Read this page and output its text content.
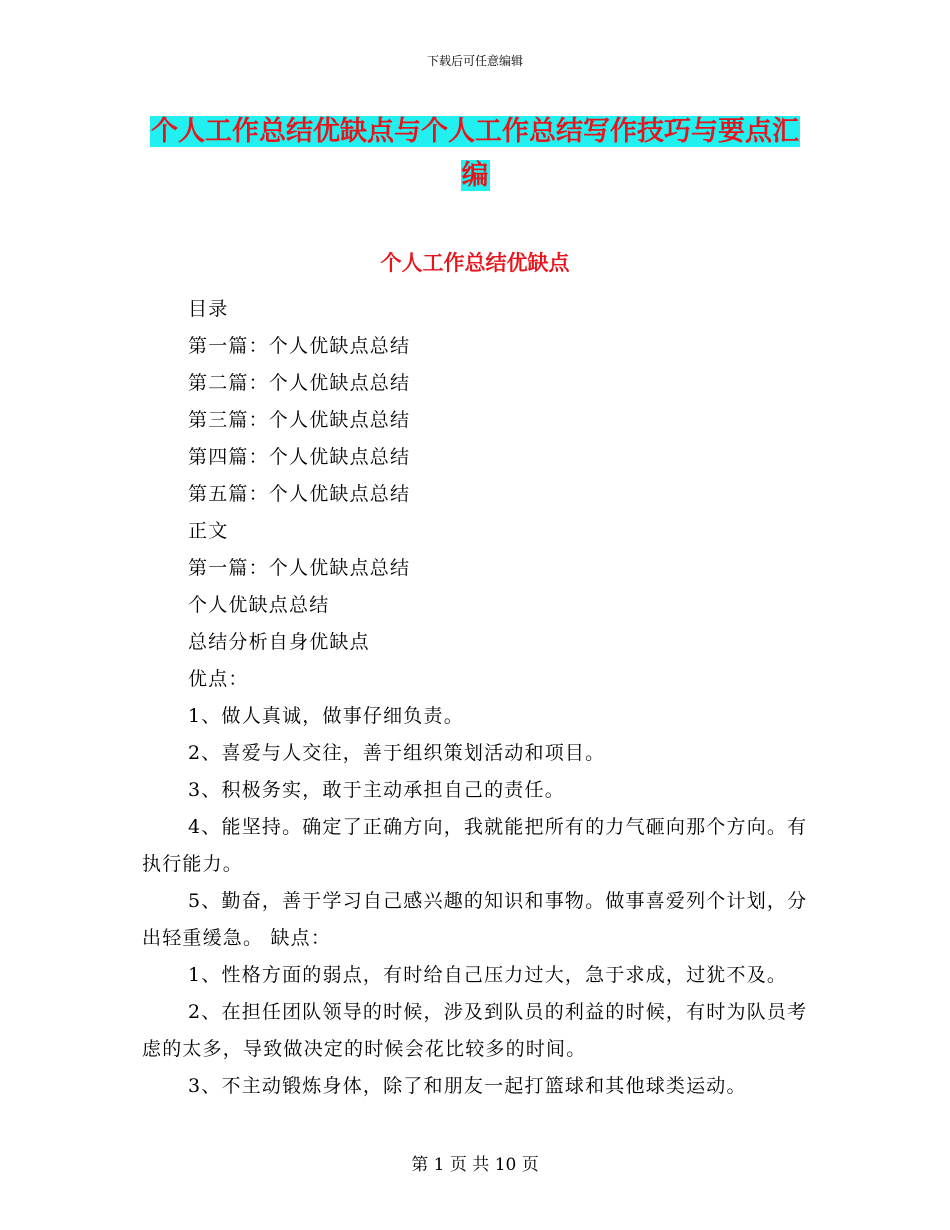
下载后可任意编辑
个人工作总结优缺点与个人工作总结写作技巧与要点汇编
个人工作总结优缺点

目录

第一篇：个人优缺点总结

第二篇：个人优缺点总结

第三篇：个人优缺点总结

第四篇：个人优缺点总结

第五篇：个人优缺点总结

正文

第一篇：个人优缺点总结

个人优缺点总结

总结分析自身优缺点

优点：

1、做人真诚，做事仔细负责。

2、喜爱与人交往，善于组织策划活动和项目。

3、积极务实，敢于主动承担自己的责任。

4、能坚持。确定了正确方向，我就能把所有的力气砸向那个方向。有执行能力。

5、勤奋，善于学习自己感兴趣的知识和事物。做事喜爱列个计划，分出轻重缓急。 缺点：

1、性格方面的弱点，有时给自己压力过大，急于求成，过犹不及。

2、在担任团队领导的时候，涉及到队员的利益的时候，有时为队员考虑的太多，导致做决定的时候会花比较多的时间。

3、不主动锻炼身体，除了和朋友一起打篮球和其他球类运动。

第 1 页 共 10 页
